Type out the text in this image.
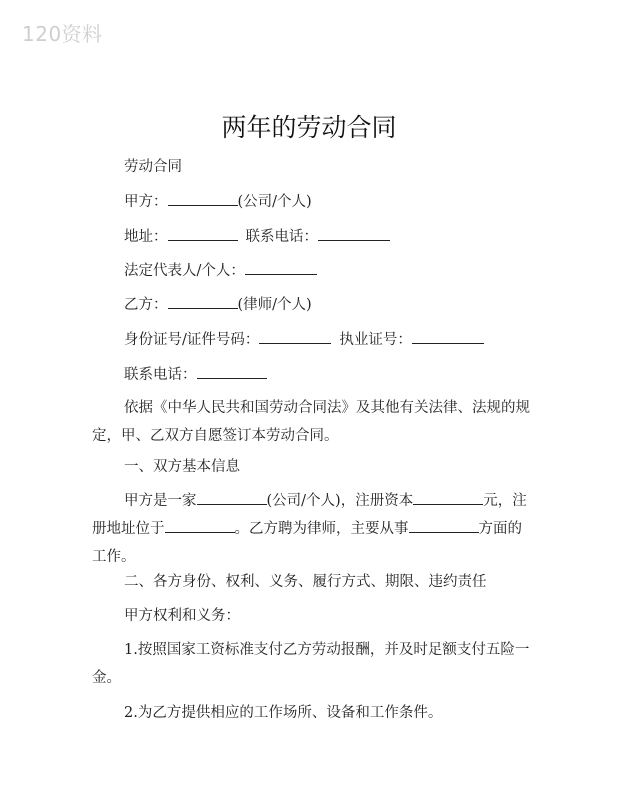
120资料
两年的劳动合同
劳动合同
甲方：	(公司/个人)
地址：	联系电话：
法定代表人/个人：
乙方：	(律师/个人)
身份证号/证件号码：	执业证号：
联系电话：
依据《中华人民共和国劳动合同法》及其他有关法律、法规的规定，甲、乙双方自愿签订本劳动合同。
一、双方基本信息
甲方是一家	(公司/个人)，注册资本	元，注册地址位于	。乙方聘为律师，主要从事	方面的工作。
二、各方身份、权利、义务、履行方式、期限、违约责任
甲方权利和义务：
1.按照国家工资标准支付乙方劳动报酬，并及时足额支付五险一金。
2.为乙方提供相应的工作场所、设备和工作条件。
